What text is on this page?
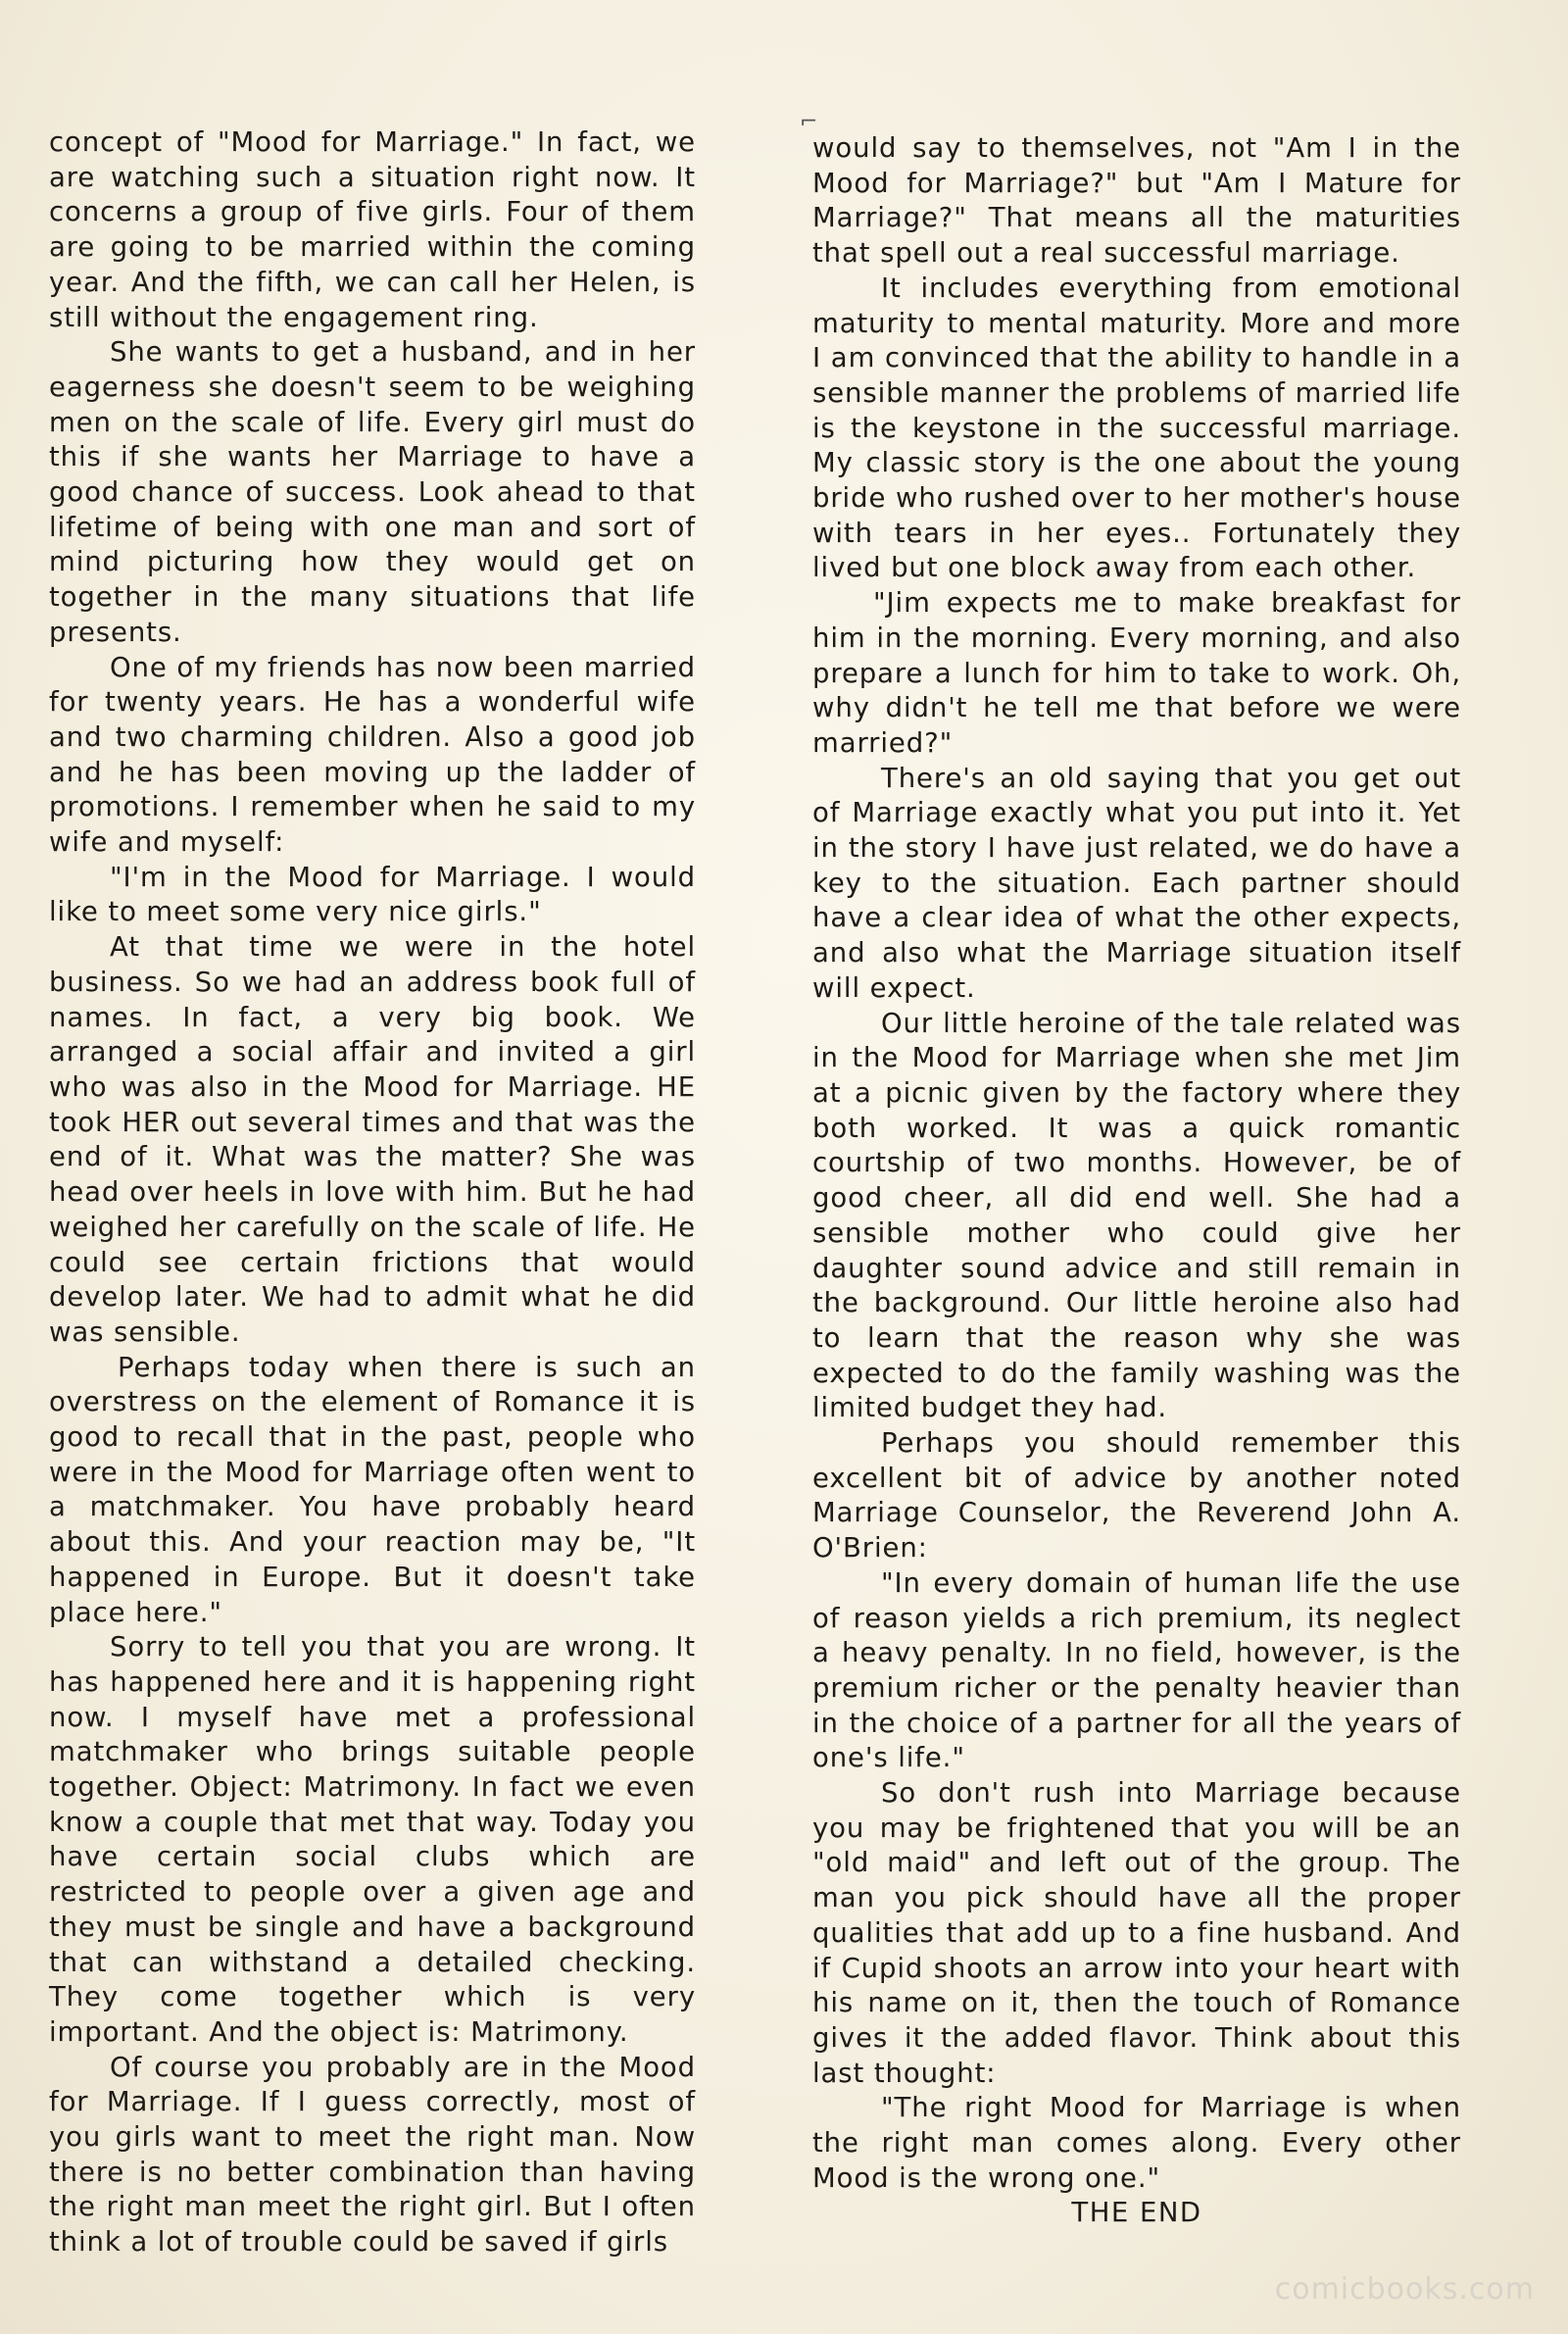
⌐

concept of "Mood for Marriage." In fact, we are watching such a situation right now. It concerns a group of five girls. Four of them are going to be married within the coming year. And the fifth, we can call her Helen, is still without the engagement ring.

She wants to get a husband, and in her eagerness she doesn't seem to be weighing men on the scale of life. Every girl must do this if she wants her Marriage to have a good chance of success. Look ahead to that lifetime of being with one man and sort of mind picturing how they would get on together in the many situations that life presents.

One of my friends has now been married for twenty years. He has a wonderful wife and two charming children. Also a good job and he has been moving up the ladder of promotions. I remember when he said to my wife and myself:

"I'm in the Mood for Marriage. I would like to meet some very nice girls."

At that time we were in the hotel business. So we had an address book full of names. In fact, a very big book. We arranged a social affair and invited a girl who was also in the Mood for Marriage. HE took HER out several times and that was the end of it. What was the matter? She was head over heels in love with him. But he had weighed her carefully on the scale of life. He could see certain frictions that would develop later. We had to admit what he did was sensible.

Perhaps today when there is such an overstress on the element of Romance it is good to recall that in the past, people who were in the Mood for Marriage often went to a matchmaker. You have probably heard about this. And your reaction may be, "It happened in Europe. But it doesn't take place here."

Sorry to tell you that you are wrong. It has happened here and it is happening right now. I myself have met a professional matchmaker who brings suitable people together. Object: Matrimony. In fact we even know a couple that met that way. Today you have certain social clubs which are restricted to people over a given age and they must be single and have a background that can withstand a detailed checking. They come together which is very important. And the object is: Matrimony.

Of course you probably are in the Mood for Marriage. If I guess correctly, most of you girls want to meet the right man. Now there is no better combination than having the right man meet the right girl. But I often think a lot of trouble could be saved if girls

would say to themselves, not "Am I in the Mood for Marriage?" but "Am I Mature for Marriage?" That means all the maturities that spell out a real successful marriage.

It includes everything from emotional maturity to mental maturity. More and more I am convinced that the ability to handle in a sensible manner the problems of married life is the keystone in the successful marriage. My classic story is the one about the young bride who rushed over to her mother's house with tears in her eyes.. Fortunately they lived but one block away from each other.

"Jim expects me to make breakfast for him in the morning. Every morning, and also prepare a lunch for him to take to work. Oh, why didn't he tell me that before we were married?"

There's an old saying that you get out of Marriage exactly what you put into it. Yet in the story I have just related, we do have a key to the situation. Each partner should have a clear idea of what the other expects, and also what the Marriage situation itself will expect.

Our little heroine of the tale related was in the Mood for Marriage when she met Jim at a picnic given by the factory where they both worked. It was a quick romantic courtship of two months. However, be of good cheer, all did end well. She had a sensible mother who could give her daughter sound advice and still remain in the background. Our little heroine also had to learn that the reason why she was expected to do the family washing was the limited budget they had.

Perhaps you should remember this excellent bit of advice by another noted Marriage Counselor, the Reverend John A. O'Brien:

"In every domain of human life the use of reason yields a rich premium, its neglect a heavy penalty. In no field, however, is the premium richer or the penalty heavier than in the choice of a partner for all the years of one's life."

So don't rush into Marriage because you may be frightened that you will be an "old maid" and left out of the group. The man you pick should have all the proper qualities that add up to a fine husband. And if Cupid shoots an arrow into your heart with his name on it, then the touch of Romance gives it the added flavor. Think about this last thought:

"The right Mood for Marriage is when the right man comes along. Every other Mood is the wrong one."

THE END

comicbooks.com
